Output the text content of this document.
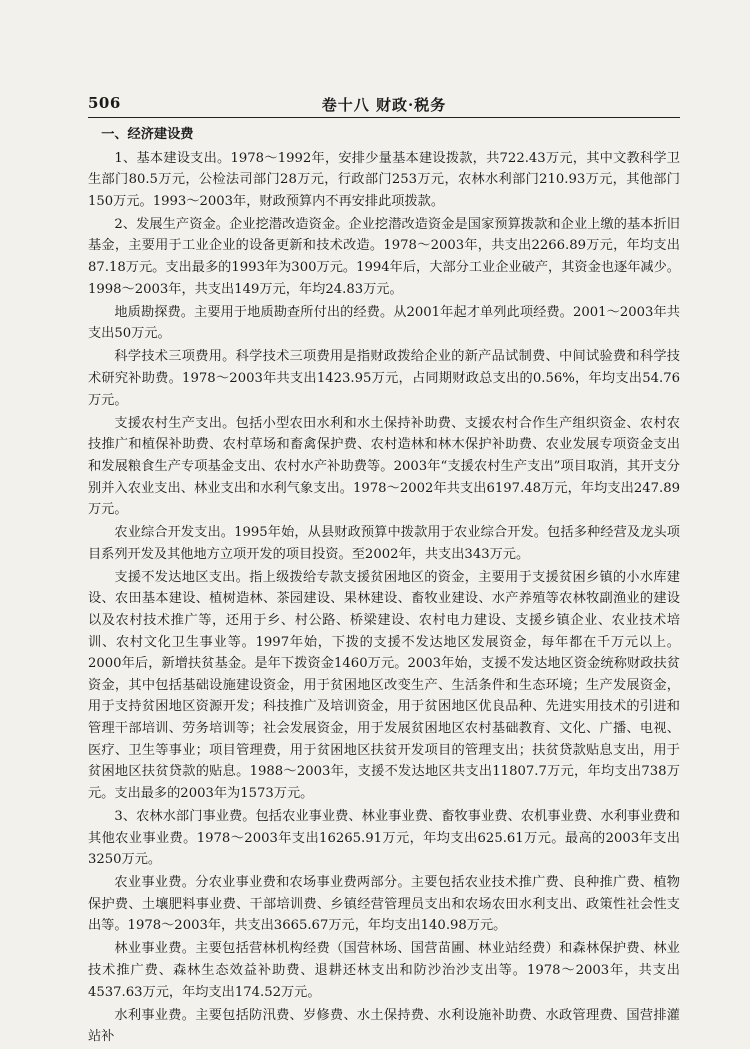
506	卷十八 财政·税务

一、经济建设费

1、基本建设支出。1978～1992年，安排少量基本建设拨款，共722.43万元，其中文教科学卫生部门80.5万元，公检法司部门28万元，行政部门253万元，农林水利部门210.93万元，其他部门150万元。1993～2003年，财政预算内不再安排此项拨款。

2、发展生产资金。企业挖潜改造资金。企业挖潜改造资金是国家预算拨款和企业上缴的基本折旧基金，主要用于工业企业的设备更新和技术改造。1978～2003年，共支出2266.89万元，年均支出87.18万元。支出最多的1993年为300万元。1994年后，大部分工业企业破产，其资金也逐年减少。1998～2003年，共支出149万元，年均24.83万元。

地质勘探费。主要用于地质勘查所付出的经费。从2001年起才单列此项经费。2001～2003年共支出50万元。

科学技术三项费用。科学技术三项费用是指财政拨给企业的新产品试制费、中间试验费和科学技术研究补助费。1978～2003年共支出1423.95万元，占同期财政总支出的0.56%，年均支出54.76万元。

支援农村生产支出。包括小型农田水利和水土保持补助费、支援农村合作生产组织资金、农村农技推广和植保补助费、农村草场和畜禽保护费、农村造林和林木保护补助费、农业发展专项资金支出和发展粮食生产专项基金支出、农村水产补助费等。2003年“支援农村生产支出”项目取消，其开支分别并入农业支出、林业支出和水利气象支出。1978～2002年共支出6197.48万元，年均支出247.89万元。

农业综合开发支出。1995年始，从县财政预算中拨款用于农业综合开发。包括多种经营及龙头项目系列开发及其他地方立项开发的项目投资。至2002年，共支出343万元。

支援不发达地区支出。指上级拨给专款支援贫困地区的资金，主要用于支援贫困乡镇的小水库建设、农田基本建设、植树造林、茶园建设、果林建设、畜牧业建设、水产养殖等农林牧副渔业的建设以及农村技术推广等，还用于乡、村公路、桥梁建设、农村电力建设、支援乡镇企业、农业技术培训、农村文化卫生事业等。1997年始，下拨的支援不发达地区发展资金，每年都在千万元以上。2000年后，新增扶贫基金。是年下拨资金1460万元。2003年始，支援不发达地区资金统称财政扶贫资金，其中包括基础设施建设资金，用于贫困地区改变生产、生活条件和生态环境；生产发展资金，用于支持贫困地区资源开发；科技推广及培训资金，用于贫困地区优良品种、先进实用技术的引进和管理干部培训、劳务培训等；社会发展资金，用于发展贫困地区农村基础教育、文化、广播、电视、医疗、卫生等事业；项目管理费，用于贫困地区扶贫开发项目的管理支出；扶贫贷款贴息支出，用于贫困地区扶贫贷款的贴息。1988～2003年，支援不发达地区共支出11807.7万元，年均支出738万元。支出最多的2003年为1573万元。

3、农林水部门事业费。包括农业事业费、林业事业费、畜牧事业费、农机事业费、水利事业费和其他农业事业费。1978～2003年支出16265.91万元，年均支出625.61万元。最高的2003年支出3250万元。

农业事业费。分农业事业费和农场事业费两部分。主要包括农业技术推广费、良种推广费、植物保护费、土壤肥料事业费、干部培训费、乡镇经营管理员支出和农场农田水利支出、政策性社会性支出等。1978～2003年，共支出3665.67万元，年均支出140.98万元。

林业事业费。主要包括营林机构经费（国营林场、国营苗圃、林业站经费）和森林保护费、林业技术推广费、森林生态效益补助费、退耕还林支出和防沙治沙支出等。1978～2003年，共支出4537.63万元，年均支出174.52万元。

水利事业费。主要包括防汛费、岁修费、水土保持费、水利设施补助费、水政管理费、国营排灌站补
